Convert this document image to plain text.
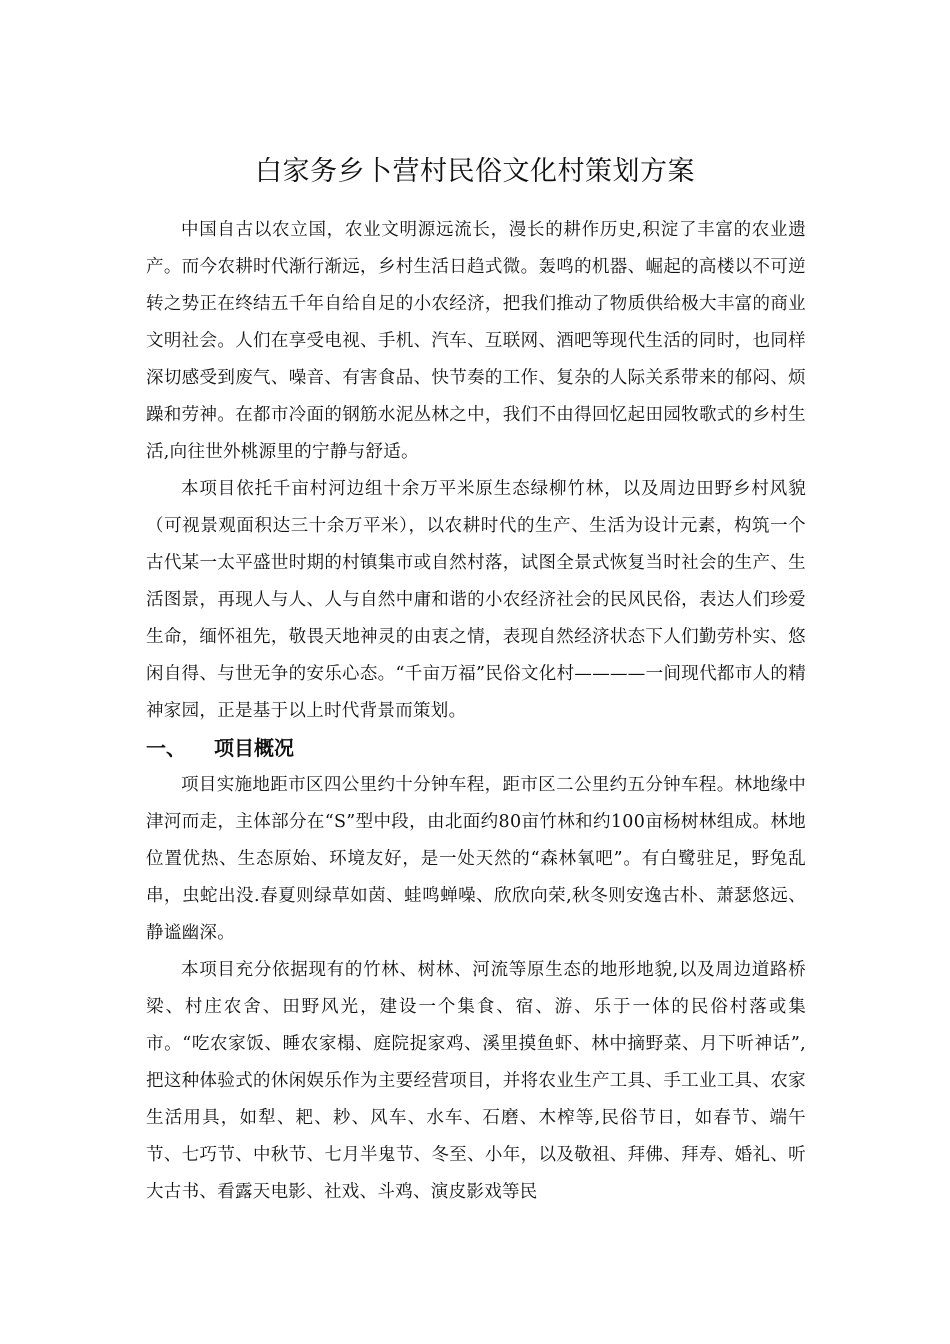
白家务乡卜营村民俗文化村策划方案

中国自古以农立国，农业文明源远流长，漫长的耕作历史,积淀了丰富的农业遗产。而今农耕时代渐行渐远，乡村生活日趋式微。轰鸣的机器、崛起的高楼以不可逆转之势正在终结五千年自给自足的小农经济，把我们推动了物质供给极大丰富的商业文明社会。人们在享受电视、手机、汽车、互联网、酒吧等现代生活的同时，也同样深切感受到废气、噪音、有害食品、快节奏的工作、复杂的人际关系带来的郁闷、烦躁和劳神。在都市冷面的钢筋水泥丛林之中，我们不由得回忆起田园牧歌式的乡村生活,向往世外桃源里的宁静与舒适。

本项目依托千亩村河边组十余万平米原生态绿柳竹林，以及周边田野乡村风貌（可视景观面积达三十余万平米），以农耕时代的生产、生活为设计元素，构筑一个古代某一太平盛世时期的村镇集市或自然村落，试图全景式恢复当时社会的生产、生活图景，再现人与人、人与自然中庸和谐的小农经济社会的民风民俗，表达人们珍爱生命，缅怀祖先，敬畏天地神灵的由衷之情，表现自然经济状态下人们勤劳朴实、悠闲自得、与世无争的安乐心态。“千亩万福”民俗文化村————一间现代都市人的精神家园，正是基于以上时代背景而策划。

一、 项目概况

项目实施地距市区四公里约十分钟车程，距市区二公里约五分钟车程。林地缘中津河而走，主体部分在“S”型中段，由北面约80亩竹林和约100亩杨树林组成。林地位置优热、生态原始、环境友好，是一处天然的“森林氧吧”。有白鹭驻足，野兔乱串，虫蛇出没.春夏则绿草如茵、蛙鸣蝉噪、欣欣向荣,秋冬则安逸古朴、萧瑟悠远、静谧幽深。

本项目充分依据现有的竹林、树林、河流等原生态的地形地貌,以及周边道路桥梁、村庄农舍、田野风光，建设一个集食、宿、游、乐于一体的民俗村落或集市。“吃农家饭、睡农家榻、庭院捉家鸡、溪里摸鱼虾、林中摘野菜、月下听神话”,把这种体验式的休闲娱乐作为主要经营项目，并将农业生产工具、手工业工具、农家生活用具，如犁、耙、耖、风车、水车、石磨、木榨等,民俗节日，如春节、端午节、七巧节、中秋节、七月半鬼节、冬至、小年，以及敬祖、拜佛、拜寿、婚礼、听大古书、看露天电影、社戏、斗鸡、演皮影戏等民
